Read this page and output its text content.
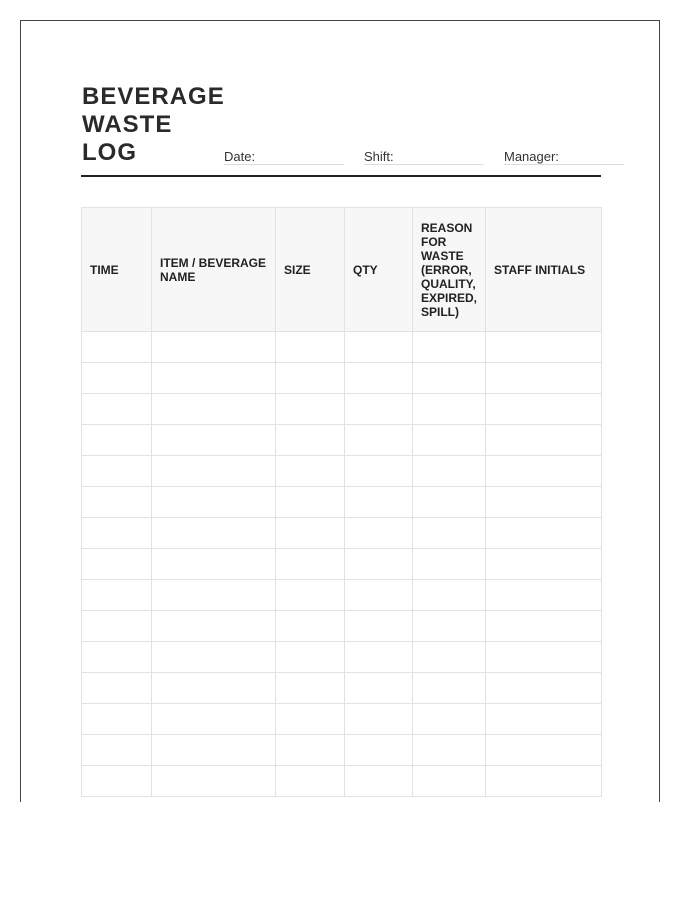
BEVERAGE
WASTE
LOG	Date:	Shift:	Manager:
TIME	ITEM / BEVERAGE NAME	SIZE	QTY	REASON FOR WASTE (ERROR, QUALITY, EXPIRED, SPILL)	STAFF INITIALS
